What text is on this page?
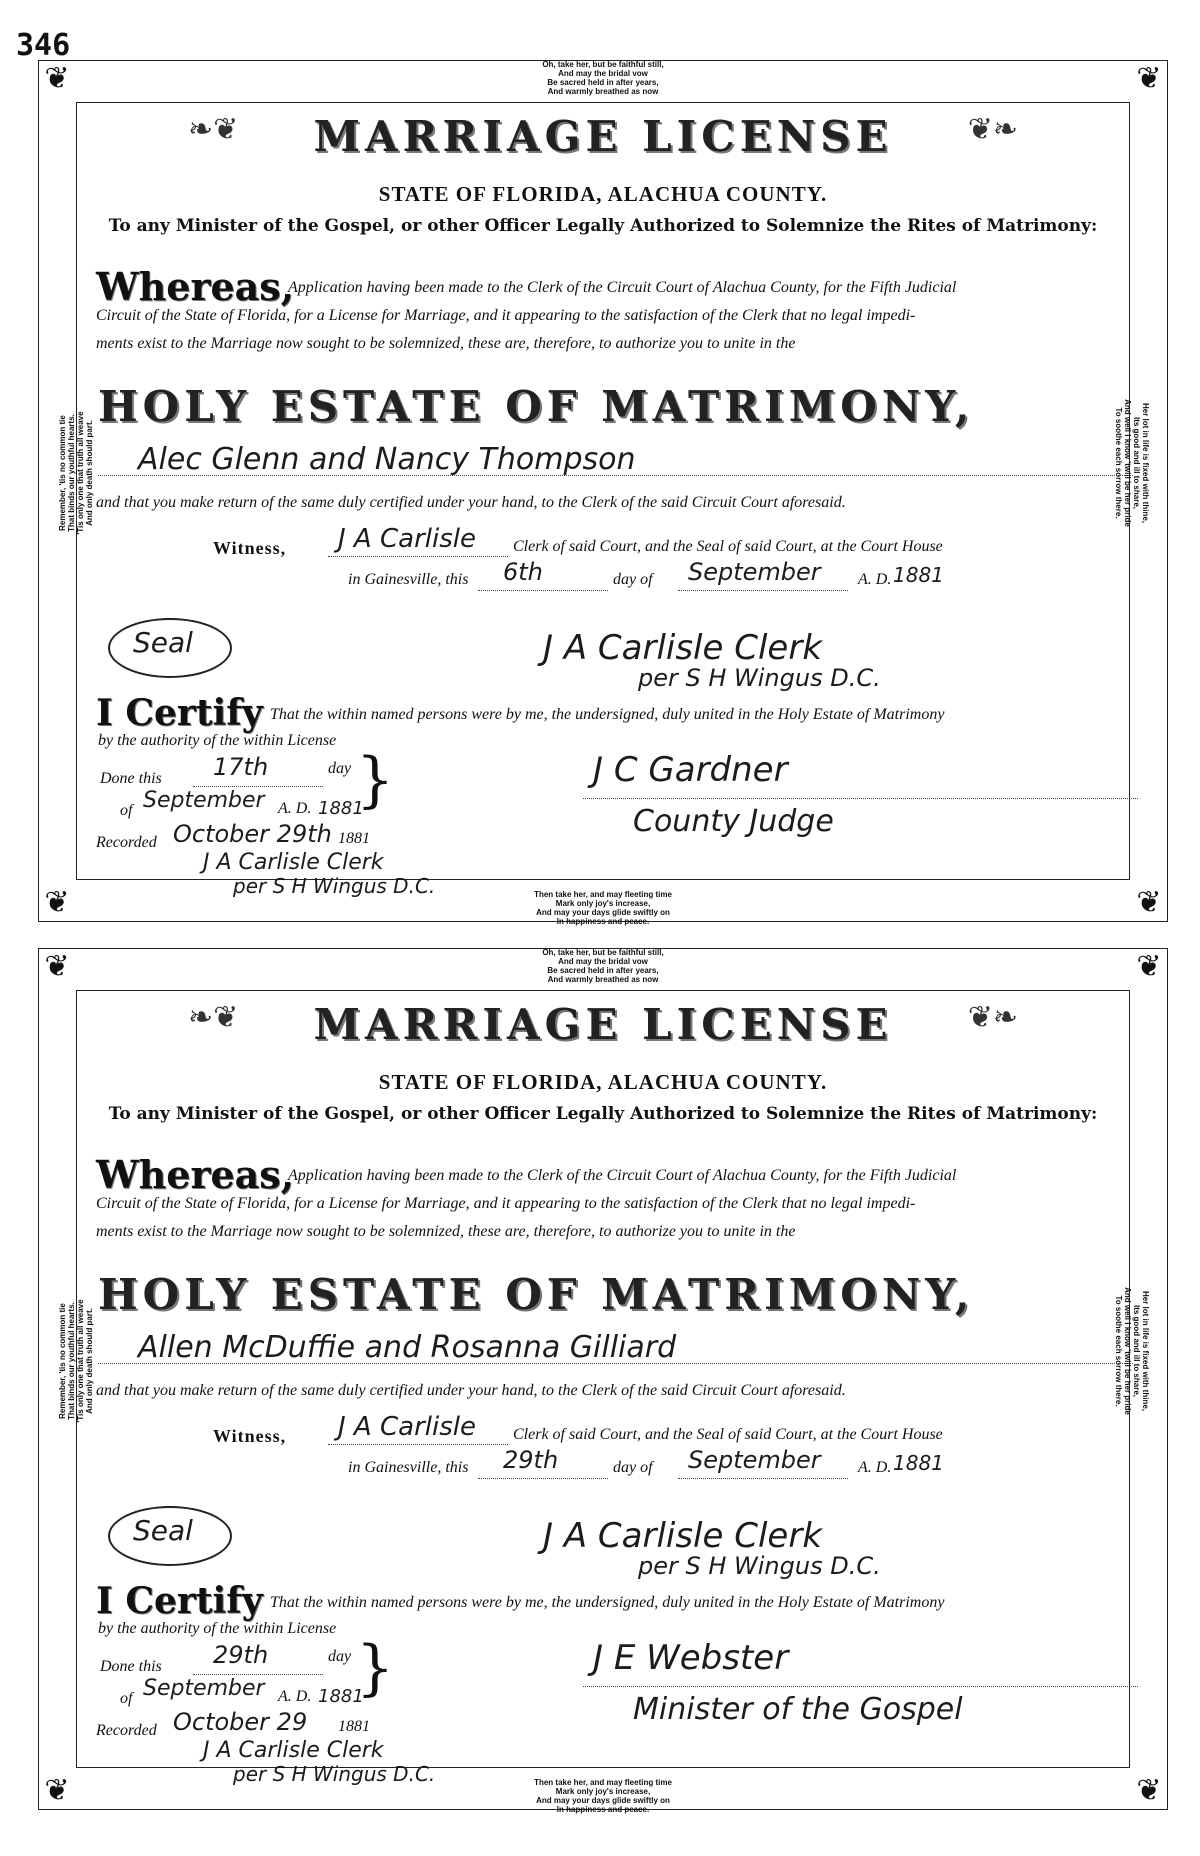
346
❦	❦
❦	❦
Oh, take her, but be faithful still,
And may the bridal vow
Be sacred held in after years,
And warmly breathed as now
Then take her, and may fleeting time
Mark only joy's increase,
And may your days glide swiftly on
In happiness and peace.
Remember, 'tis no common tie
That binds our youthful hearts.
'Tis only one that truth all weave
And only death should part.
Her lot in life is fixed with thine,
Its good and ill to share,
And well I know 'twill be her pride
To soothe each sorrow there.
❧❦	❦❧
MARRIAGE LICENSE
STATE OF FLORIDA, ALACHUA COUNTY.
To any Minister of the Gospel, or other Officer Legally Authorized to Solemnize the Rites of Matrimony:
Whereas,
Application having been made to the Clerk of the Circuit Court of Alachua County, for the Fifth Judicial
Circuit of the State of Florida, for a License for Marriage, and it appearing to the satisfaction of the Clerk that no legal impedi-
ments exist to the Marriage now sought to be solemnized, these are, therefore, to authorize you to unite in the
HOLY ESTATE OF MATRIMONY,
Alec Glenn and Nancy Thompson
and that you make return of the same duly certified under your hand, to the Clerk of the said Circuit Court aforesaid.
Witness, J A Carlisle Clerk of said Court, and the Seal of said Court, at the Court House
in Gainesville, this 6th	day of September A. D. 1881
Seal	J A Carlisle Clerk
per S H Wingus D.C.
I Certify That the within named persons were by me, the undersigned, duly united in the Holy Estate of Matrimony
by the authority of the within License
Done this 17th	day
of September A. D. 1881
}
Recorded October 29th 1881
J A Carlisle Clerk
per S H Wingus D.C.
J C Gardner
County Judge
❦	❦
❦	❦
Oh, take her, but be faithful still,
And may the bridal vow
Be sacred held in after years,
And warmly breathed as now
Then take her, and may fleeting time
Mark only joy's increase,
And may your days glide swiftly on
In happiness and peace.
Remember, 'tis no common tie
That binds our youthful hearts.
'Tis only one that truth all weave
And only death should part.
Her lot in life is fixed with thine,
Its good and ill to share,
And well I know 'twill be her pride
To soothe each sorrow there.
❧❦	❦❧
MARRIAGE LICENSE
STATE OF FLORIDA, ALACHUA COUNTY.
To any Minister of the Gospel, or other Officer Legally Authorized to Solemnize the Rites of Matrimony:
Whereas,
Application having been made to the Clerk of the Circuit Court of Alachua County, for the Fifth Judicial
Circuit of the State of Florida, for a License for Marriage, and it appearing to the satisfaction of the Clerk that no legal impedi-
ments exist to the Marriage now sought to be solemnized, these are, therefore, to authorize you to unite in the
HOLY ESTATE OF MATRIMONY,
Allen McDuffie and Rosanna Gilliard
and that you make return of the same duly certified under your hand, to the Clerk of the said Circuit Court aforesaid.
Witness, J A Carlisle Clerk of said Court, and the Seal of said Court, at the Court House
in Gainesville, this 29th	day of September A. D. 1881
Seal	J A Carlisle Clerk
per S H Wingus D.C.
I Certify That the within named persons were by me, the undersigned, duly united in the Holy Estate of Matrimony
by the authority of the within License
Done this 29th	day
of September A. D. 1881
}
Recorded October 29 1881
J A Carlisle Clerk
per S H Wingus D.C.
J E Webster
Minister of the Gospel
